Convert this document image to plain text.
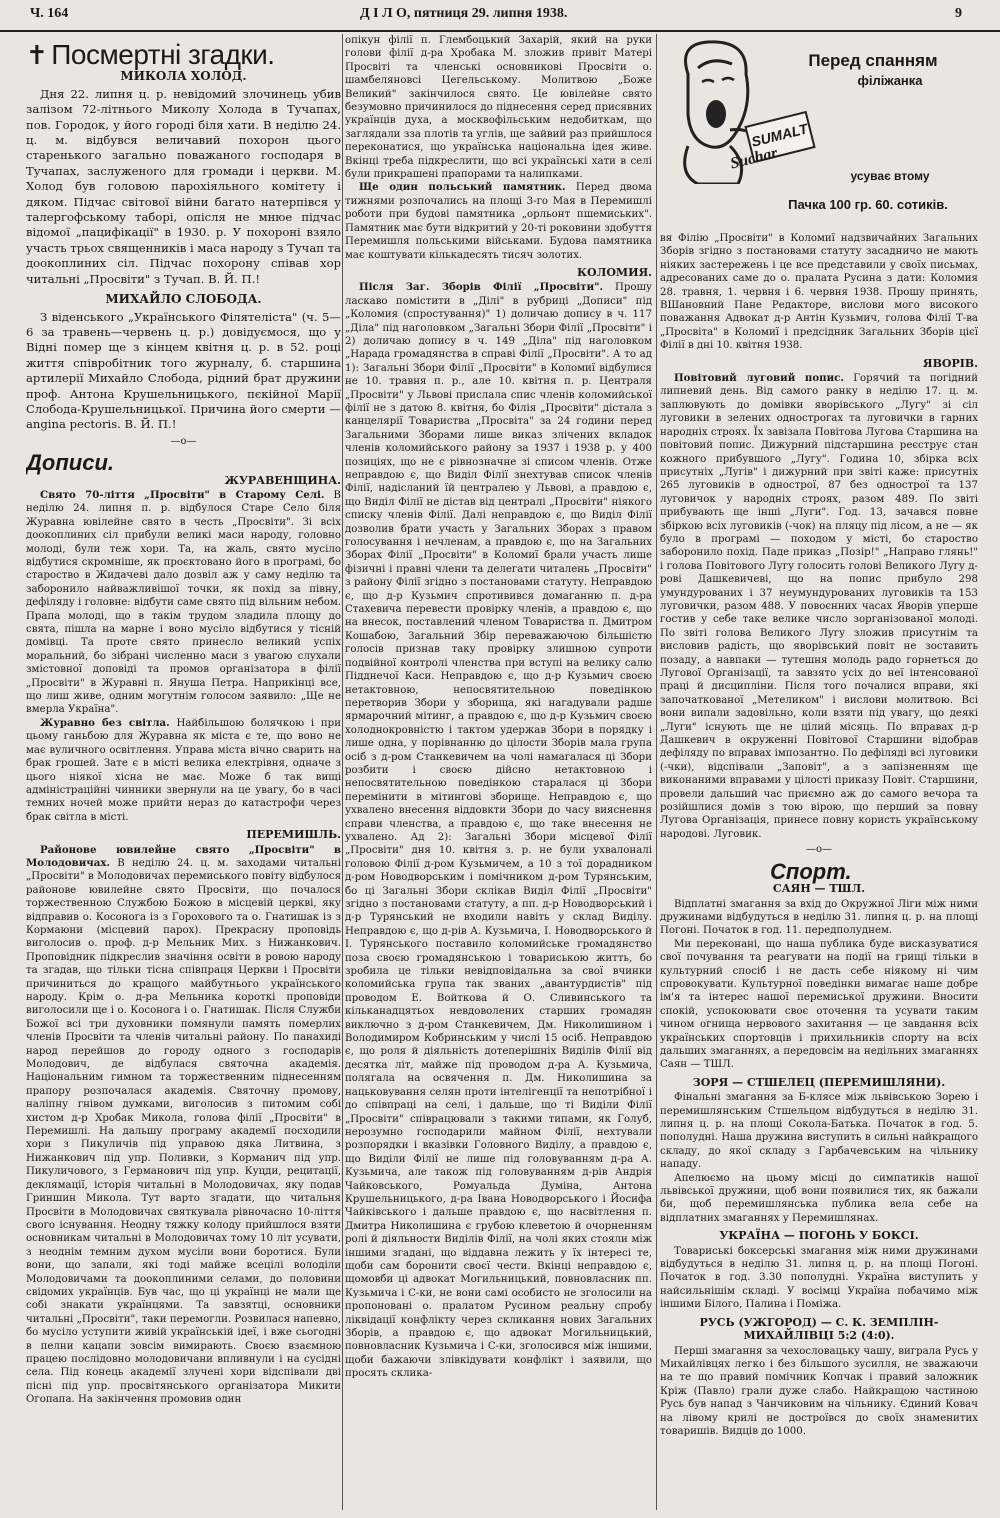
Ч. 164	Д І Л О, пятниця 29. липня 1938.	9

✝ Посмертні згадки.

МИКОЛА ХОЛОД.

Дня 22. липня ц. р. невідомий злочинець убив залізом 72-літнього Миколу Холода в Тучапах, пов. Городок, у його городі біля хати. В неділю 24. ц. м. відбувся величавий похорон цього старенького загально поважаного господаря в Тучапах, заслуженого для громади і церкви. М. Холод був головою парохіяльного комітету і дяком. Підчас світової війни багато натерпівся у талергофському таборі, опісля не мнюе підчас відомої „пацифікації" в 1930. р. У похороні взяло участь трьох священників і маса народу з Тучап та доокоплиних сіл. Підчас похорону співав хор читальні „Просвіти" з Тучап. В. Й. П.!

МИХАЙЛО СЛОБОДА.

З віденського „Українського Філятеліста" (ч. 5—6 за травень—червень ц. р.) довідуємося, що у Відні помер ще з кінцем квітня ц. р. в 52. році життя співробітник того журналу, б. старшина артилерії Михайло Слобода, рідний брат дружини проф. Антона Крушельницького, пєкійної Марії Слобода-Крушельницької. Причина його смерти — angina pectoris. В. Й. П.!

—о—

Дописи.

ЖУРАВЕНЩИНА.

Свято 70-ліття „Просвіти" в Старому Селі. В неділю 24. липня п. р. відбулося Старе Село біля Журавна ювілейне свято в честь „Просвіти". Зі всіх доокоплиних сіл прибули великі маси народу, головно молоді, були теж хори. Та, на жаль, свято мусіло відбутися скромніше, як проєктовано його в програмі, бо староство в Жидачеві дало дозвіл аж у саму неділю та заборонило найважливішої точки, як похід за півну, дефіляду і головне: відбути саме свято під вільним небом. Прапа молоді, що в такім трудом зладила площу до свята, пішла на марне і воно мусіло відбутися у тісній домівці. Та проте свято принесло великий успіх моральний, бо зібрані численно маси з увагою слухали змістовної доповіді та промов організатора в філії „Просвіти" в Журавні п. Януша Петра. Наприкінці все, що лиш живе, одним могутнім голосом заявило: „Ще не вмерла Україна".

Журавно без світла. Найбільшою болячкою і при цьому ганьбою для Журавна як міста є те, що воно не має вуличного освітлення. Управа міста вічно сварить на брак грошей. Зате є в місті велика електрівня, одначе з цього ніякої хісна не має. Може б так вищі адміністраційні чинники звернули на це увагу, бо в часі темних ночей може прийти нераз до катастрофи через брак світла в місті.

ПЕРЕМИШЛЬ.

Районове ювилейне свято „Просвіти" в Молодовичах. В неділю 24. ц. м. заходами читальні „Просвіти" в Молодовичах перемиського повіту відбулося районове ювилейне свято Просвіти, що почалося торжественною Службою Божою в місцевій церкві, яку відправив о. Косонога із з Горохового та о. Гнатишак із з Кормаюни (місцевий парох). Прекрасну проповідь виголосив о. проф. д-р Мельник Мих. з Нижанкович. Проповідник підкреслив значіння освіти в ровою народу та згадав, що тільки тісна співпраця Церкви і Просвіти причиниться до кращого майбутнього українського народу. Крім о. д-ра Мельника короткі проповіди виголосили ще і о. Косонога і о. Гнатишак. Після Служби Божої всі три духовники помянули память померлих членів Просвіти та членів читальні району. По панахиді народ перейшов до городу одного з господарів Молодович, де відбулася святочна академія. Національним гимном та торжественним піднесенням прапору розпочалася академія. Святочну промову, наліпну гнівом думками, виголосив з питомим собі хистом д-р Хробак Микола, голова філії „Просвіти" в Перемишлі. На дальшу програму академії посходили хори з Пикуличів під управою дяка Литвина, з Нижанкович під упр. Поливки, з Корманич під упр. Пикуличового, з Германович під упр. Куцди, рецитації, деклямації, історія читальні в Молодовичах, яку подав Гриншин Микола. Тут варто згадати, що читальня Просвіти в Молодовичах святкувала рівночасно 10-ліття свого існування. Неодну тяжку колоду прийшлося взяти основникам читальні в Молодовичах тому 10 літ усувати, з неоднім темним духом мусіли вони боротися. Були вони, що запали, які тоді майже всецілі володіли Молодовичами та доокоплиними селами, до половини свідомих українців. Був час, що ці українці не мали ще собі знакати українцями. Та завзятці, основники читальні „Просвіти", таки перемогли. Розвилася напевно, бо мусіло уступити живій українській ідеї, і вже сьогодні в пелни кацапи зовсім вимирають. Своєю взаємною працею послідовно молодовичани впливнули і на сусідні села. Під конець академії злучені хори відспівали дві пісні під упр. просвітянського організатора Микити Огопапа. На закінчення промовив один

опікун філії п. Глембоцький Захарій, який на руки голови філії д-ра Хробака М. зложив привіт Матері Просвіті та членські основникові Просвіти о. шамбеляновсі Цегельському. Молитвою „Боже Великий" закінчилося свято. Це ювілейне свято безумовно причинилося до піднесення серед присявних українців духа, а москвофільським недобиткам, що заглядали зза плотів та углів, ще зайвий раз прийшлося переконатися, що українська національна ідея живе. Вкінці треба підкреслити, що всі українські хати в селі були прикрашені прапорами та налипками.

Ще один польський памятник. Перед двома тижнями розпочались на площі 3-го Мая в Перемишлі роботи при будові памятника „орльонт пшемиських". Памятник має бути відкритий у 20-ті роковини здобуття Перемишля польськими військами. Будова памятника має коштувати кількадесять тисяч золотих.

КОЛОМИЯ.

Після Заг. Зборів Філії „Просвіти". Прошу ласкаво помістити в „Ділі" в рубриці „Дописи" під „Коломия (спростування)" 1) доличаю допису в ч. 117 „Діла" під наголовком „Загальні Збори Філії „Просвіти" і 2) доличаю допису в ч. 149 „Діла" під наголовком „Нарада громадянства в справі Філії „Просвіти". А то ад 1): Загальні Збори Філії „Просвіти" в Коломиї відбулися не 10. травня п. р., але 10. квітня п. р. Централя „Просвіти" у Львові прислала спис членів коломийської філії не з датою 8. квітня, бо Філія „Просвіти" дістала з канцелярії Товариства „Просвіта" за 24 години перед Загальними Зборами лише виказ злічених вкладок членів коломийського району за 1937 і 1938 р. у 400 позиціях, що не є рівнозначне зі списом членів. Отже неправдою є, що Виділ Філії знехтував список членів Філії, надісланий їй централею у Львові, а правдою є, що Виділ Філії не дістав від централі „Просвіти" ніякого списку членів Філії. Далі неправдою є, що Виділ Філії дозволив брати участь у Загальних Зборах з правом голосування і нечленам, а правдою є, що на Загальних Зборах Філії „Просвіти" в Коломиї брали участь лише фізичні і правні члени та делегати читалень „Просвіти" з району Філії згідно з постановами статуту. Неправдою є, що д-р Кузьмич спротивився домаганню п. д-ра Стахевича перевести провірку членів, а правдою є, що на внесок, поставлений членом Товариства п. Дмитром Кошабою, Загальний Збір переважаючою більшістю голосів признав таку провірку злишною супроти подвійної контролі членства при вступі на велику салю Підднечої Каси. Неправдою є, що д-р Кузьмич своєю нетактовною, непосвятительною поведінкою перетворив Збори у зборища, які нагадували радше ярмарочний мітинг, а правдою є, що д-р Кузьмич своєю холоднокровністю і тактом удержав Збори в порядку і лише одна, у порівнанню до цілости Зборів мала група осіб з д-ром Станкевичем на чолі намагалася ці Збори розбити і своєю дійсно нетактовною і непосвятительною поведінкою старалася ці Збори перемінити в мітингові зборище. Неправдою є, що ухвалено внесення віддовкти Збори до часу вияснення справи членства, а правдою є, що таке внесення не ухвалено. Ад 2): Загальні Збори місцевої Філії „Просвіти" дня 10. квітня з. р. не були ухвалоналі головою Філії д-ром Кузьмичем, а 10 з тої дорадником д-ром Новодворським і помічником д-ром Турянським, бо ці Загальні Збори склікав Виділ Філії „Просвіти" згідно з постановами статуту, а пп. д-р Новодворський і д-р Турянський не входили навіть у склад Виділу. Неправдою є, що д-рів А. Кузьмича, І. Новодворського й І. Турянського поставило коломийське громадянство поза своєю громадянською і товариською житть, бо зробила це тільки невідповідальна за свої вчинки коломийська група так званих „авантурдистів" під проводом Е. Войткова й О. Сливинського та кільканадцятьох невдоволених старших громадян виключно з д-ром Станкевичем, Дм. Николишином і Володимиром Кобринським у числі 15 осіб. Неправдою є, що роля й діяльність дотеперішніх Виділів Філії від десятка літ, майже під проводом д-ра А. Кузьмича, полягала на освячення п. Дм. Николишина за нацьковування селян проти інтелігенції та непотрібної і до співпраці на селі, і дальше, що ті Виділи Філії „Просвіти" співрацювали з такими типами, як Голуб, нерозумно господарили майном Філії, нехтували розпорядки і вказівки Головного Виділу, а правдою є, що Виділи Філії не лише під головуванням д-ра А. Кузьмича, але також під головуванням д-рів Андрія Чайковського, Ромуальда Думіна, Антона Крушельницького, д-ра Івана Новодворського і Йосифа Чайківського і дальше правдою є, що насвітлення п. Дмитра Николишина є грубою клеветою й очорненням ролі й діяльности Виділів Філії, на чолі яких стояли між іншими згадані, що віддавна лежить у їх інтересі те, щоби сам боронити своєї чести. Вкінці неправдою є, щомовби ці адвокат Могильницький, повновласник пп. Кузьмича і С-ки, не вони самі особисто не зголосили на пропоновані о. пралатом Русином реальну спробу ліквідації конфлікту через скликання нових Загальних Зборів, а правдою є, що адвокат Могильницький, повновласник Кузьмича і С-ки, зголосився між іншими, щоби бажаючи злівкідувати конфлікт і заявили, що просять склика-

SUMALT
Suchar
Перед спанням
філіжанка
усуває втому
Пачка 100 гр. 60. сотиків.

вя Філію „Просвіти" в Коломиї надзвичайних Загальних Зборів згідно з постановами статуту засадничо не мають ніяких застережень і це все представили у своїх письмах, адресованих саме до о. пралата Русина з дати: Коломия 28. травня, 1. червня і 6. червня 1938. Прошу принять, ВШановний Пане Редакторе, вислови мого високого поважання Адвокат д-р Антін Кузьмич, голова Філії Т-ва „Просвіта" в Коломиї і предсідник Загальних Зборів цієї Філії в дні 10. квітня 1938.

ЯВОРІВ.

Повітовий луговий попис. Горячий та погідний липневий день. Від самого ранку в неділю 17. ц. м. заплювують до домівки яворівського „Лугу" зі сіл луговики в зелених однострогах та луговички в гарних народніх строях. Їх завізала Повітова Лугова Старшина на повітовий попис. Дижурний підстаршина реєструє стан кожного прибувшого „Лугу". Година 10, збірка всіх присутніх „Лугів" і дижурний при звіті каже: присутніх 265 луговиків в однострої, 87 без однострої та 137 луговичок у народніх строях, разом 489. По звіті прибувають ще інші „Луги". Год. 13, зачався повне збіркою всіх луговиків (-чок) на пляцу під лісом, а не — як було в програмі — походом у місті, бо староство заборонило похід. Паде приказ „Позір!" „Направо глянь!" і голова Повітового Лугу голосить голові Великого Лугу д-рові Дашкевичеві, що на попис прибуло 298 умундурованих і 37 неумундурованих луговиків та 153 луговички, разом 488. У повоєнних часах Яворів уперше гостив у себе таке велике число зорганізованої молоді. По звіті голова Великого Лугу зложив присутнім та висловив радість, що яворівський повіт не зоставить позаду, а навпаки — тутешня молодь радо горнеться до Лугової Організації, та завзято усіх до неї інтенсованої праці й дисципліни. Після того почалися вправи, які започаткованої „Метеликом" і вислови молитвою. Всі вони випали задовільно, коли взяти під увагу, що деякі „Луги" існують ще не цілий місяць. По вправах д-р Дашкевич в окруженні Повітової Старшини відобрав дефіляду по вправах імпозантно. По дефіляді всі луговики (-чки), відспівали „Заповіт", а з запізненням ще виконаними вправами у цілості приказу Повіт. Старшини, провели дальший час приємно аж до самого вечора та розійшлися домів з тою вірою, що перший за повну Лугова Організація, принесе повну користь українському народові. Луговик.

—о—

Спорт.

САЯН — ТШЛ.

Відплатні змагання за вхід до Окружної Ліги між ними дружинами відбудуться в неділю 31. липня ц. р. на площі Погоні. Початок в год. 11. передполуднем.

Ми переконані, що наша публика буде висказуватися свої почування та реагувати на події на грищі тільки в культурний спосіб і не дасть себе ніякому ні чим спровокувати. Культурної поведінки вимагає наше добре ім'я та інтерес нашої перемиської дружини. Вносити спокій, успокоювати своє оточення та усувати таким чином огнища нервового захитання — це завдання всіх українських спортовців і прихильників спорту на всіх дальших змаганнях, а передовсім на недільних змаганнях Саян — ТШЛ.

ЗОРЯ — СТШЕЛЕЦ (ПЕРЕМИШЛЯНИ).

Фінальні змагання за Б-клясе між львівською Зорею і перемишлянським Стшельцом відбудуться в неділю 31. липня ц. р. на площі Сокола-Батька. Початок в год. 5. пополудні. Наша дружина виступить в сильні найкращого складу, до якої складу з Гарбачевським на чільнику нападу.

Апелюємо на цьому місці до симпатиків нашої львівської дружини, щоб вони появилися тих, як бажали би, щоб перемишлянська публика вела себе на відплатних змаганнях у Перемишлянах.

УКРАЇНА — ПОГОНЬ У БОКСІ.

Товариські боксерські змагання між ними дружинами відбудуться в неділю 31. липня ц. р. на площі Погоні. Початок в год. 3.30 пополудні. Україна виступить у найсильнішім складі. У восімці Україна побачимо між іншими Білого, Палина і Поміжа.

РУСЬ (УЖГОРОД) — С. К. ЗЕМПЛІН-МИХАЙЛІВЦІ 5:2 (4:0).

Перші змагання за чехословацьку чашу, виграла Русь у Михайлівцях легко і без більшого зусилля, не зважаючи на те що правий помічник Копчак і правий заложник Кріж (Павло) грали дуже слабо. Найкращою частиною Русь був напад з Чанчиковим на чільнику. Єдиний Ковач на лівому крилі не достроївся до своїх знаменитих товаришів. Видців до 1000.
